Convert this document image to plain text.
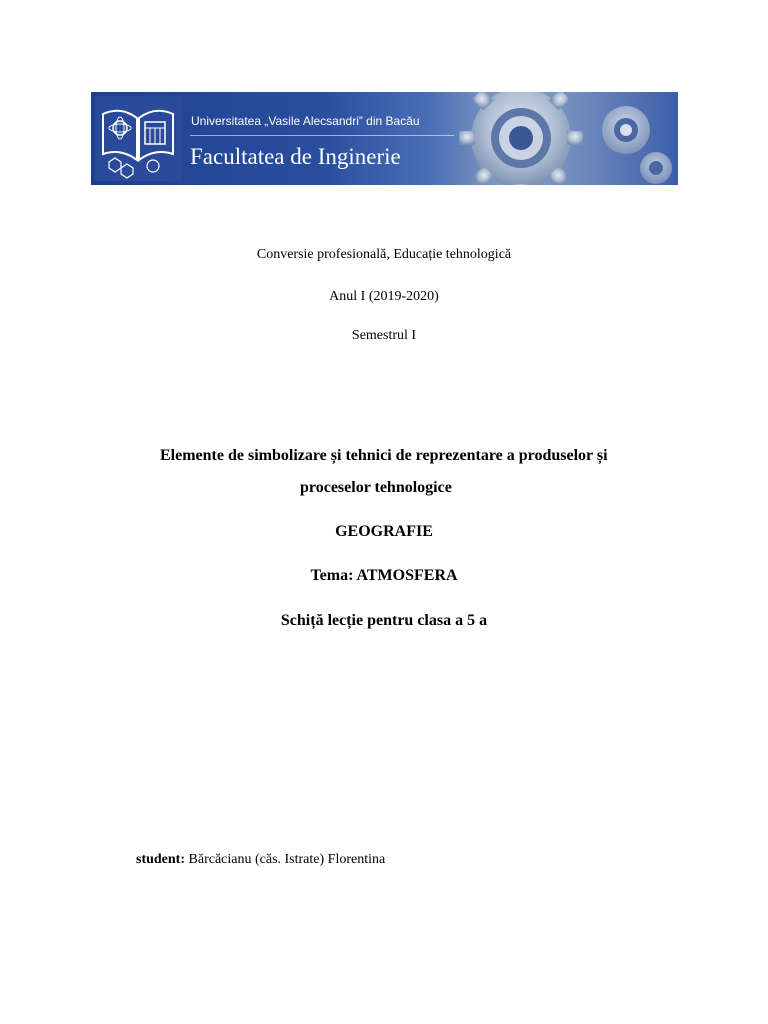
Universitatea „Vasile Alecsandri” din Bacău
Facultatea de Inginerie
Conversie profesională, Educație tehnologică
Anul I (2019-2020)
Semestrul I
Elemente de simbolizare și tehnici de reprezentare a produselor și
proceselor tehnologice
GEOGRAFIE
Tema: ATMOSFERA
Schiță lecție pentru clasa a 5 a
student: Bărcăcianu (căs. Istrate) Florentina
